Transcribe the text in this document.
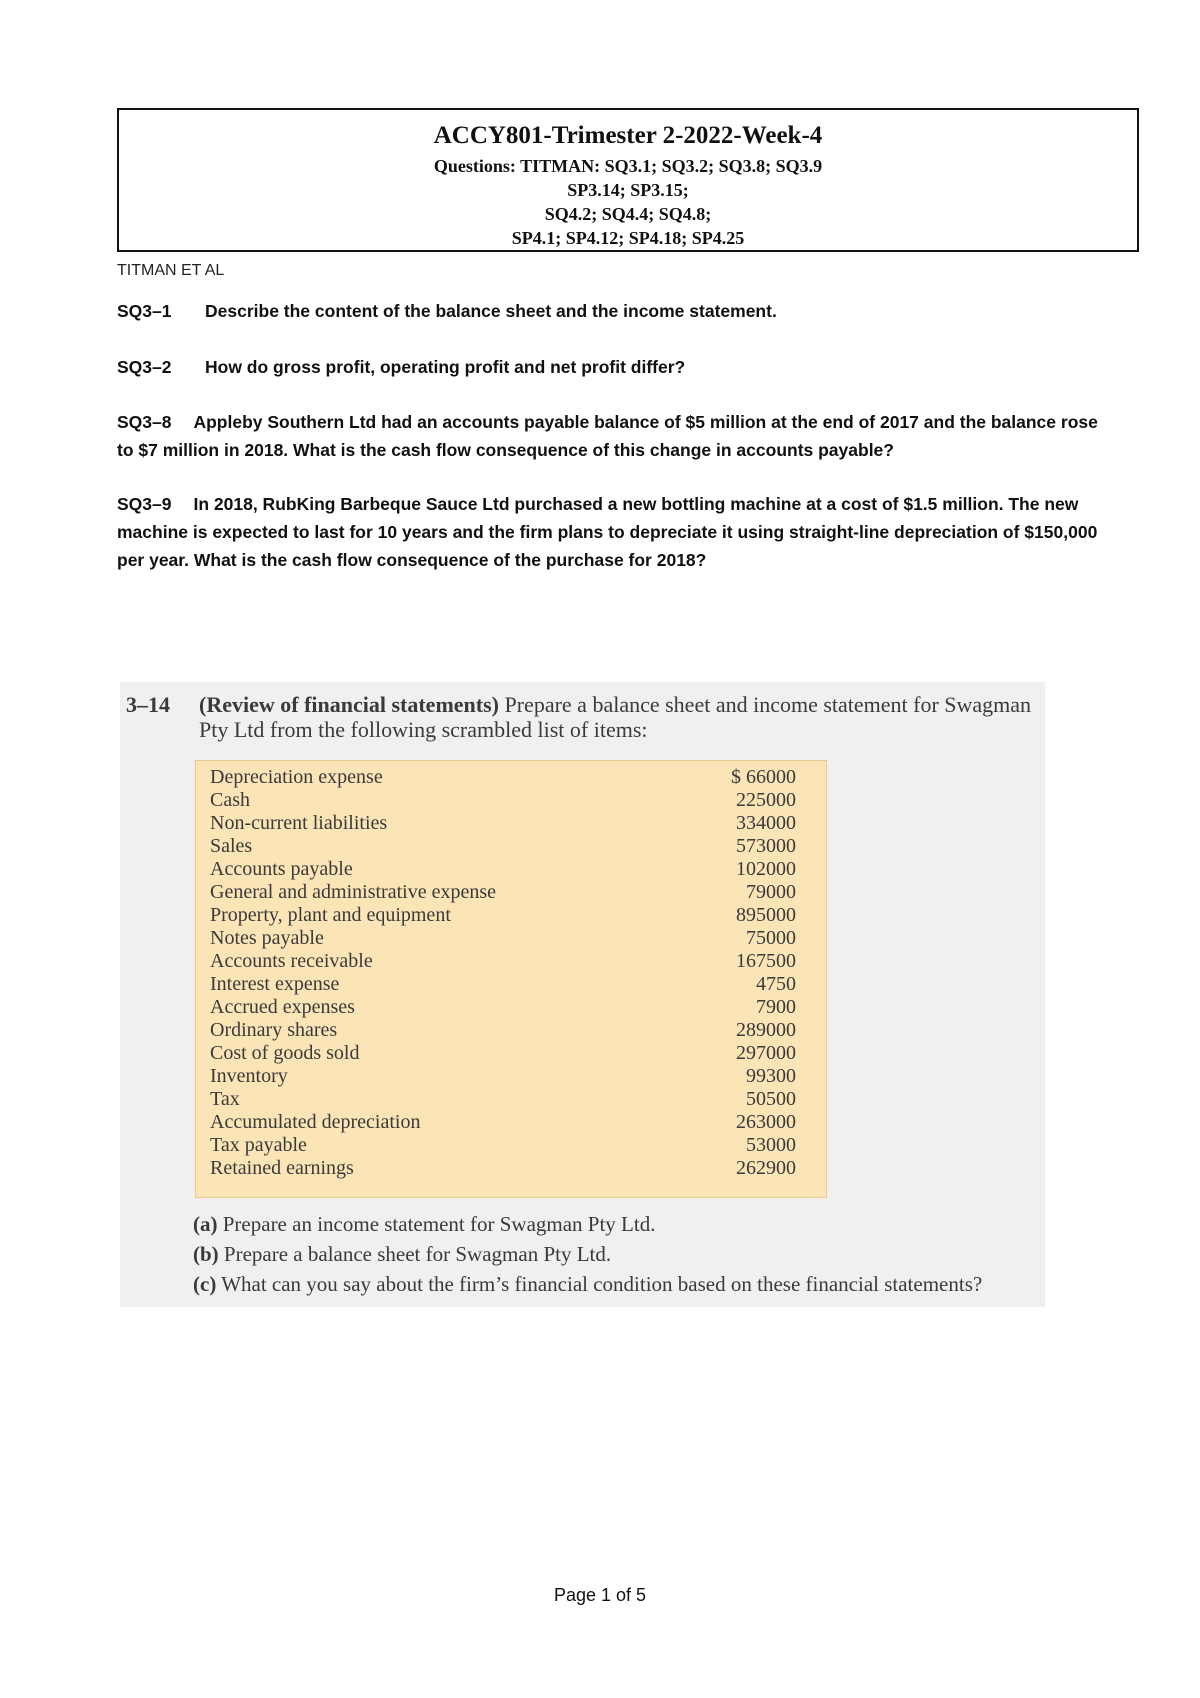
ACCY801-Trimester 2-2022-Week-4
Questions: TITMAN: SQ3.1; SQ3.2; SQ3.8; SQ3.9
SP3.14; SP3.15;
SQ4.2; SQ4.4; SQ4.8;
SP4.1; SP4.12; SP4.18; SP4.25
TITMAN ET AL
SQ3–1 Describe the content of the balance sheet and the income statement.
SQ3–2 How do gross profit, operating profit and net profit differ?
SQ3–8 Appleby Southern Ltd had an accounts payable balance of $5 million at the end of 2017 and the balance rose to $7 million in 2018. What is the cash flow consequence of this change in accounts payable?
SQ3–9 In 2018, RubKing Barbeque Sauce Ltd purchased a new bottling machine at a cost of $1.5 million. The new machine is expected to last for 10 years and the firm plans to depreciate it using straight-line depreciation of $150,000 per year. What is the cash flow consequence of the purchase for 2018?
3–14 (Review of financial statements) Prepare a balance sheet and income statement for Swagman Pty Ltd from the following scrambled list of items:
Depreciation expense	$ 66000
Cash	225000
Non-current liabilities	334000
Sales	573000
Accounts payable	102000
General and administrative expense	79000
Property, plant and equipment	895000
Notes payable	75000
Accounts receivable	167500
Interest expense	4750
Accrued expenses	7900
Ordinary shares	289000
Cost of goods sold	297000
Inventory	99300
Tax	50500
Accumulated depreciation	263000
Tax payable	53000
Retained earnings	262900
(a) Prepare an income statement for Swagman Pty Ltd.
(b) Prepare a balance sheet for Swagman Pty Ltd.
(c) What can you say about the firm’s financial condition based on these financial statements?
Page 1 of 5
